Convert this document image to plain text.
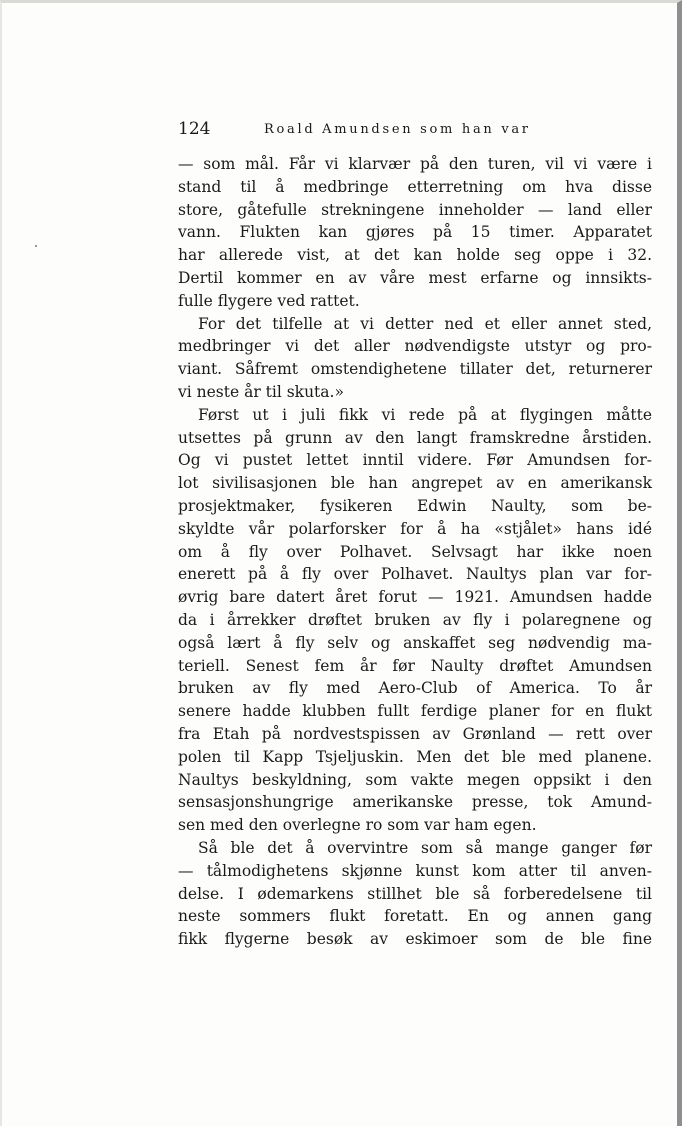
124	Roald Amundsen som han var
— som mål. Får vi klarvær på den turen, vil vi være i
stand til å medbringe etterretning om hva disse
store, gåtefulle strekningene inneholder — land eller
vann. Flukten kan gjøres på 15 timer. Apparatet
har allerede vist, at det kan holde seg oppe i 32.
Dertil kommer en av våre mest erfarne og innsikts-
fulle flygere ved rattet.
For det tilfelle at vi detter ned et eller annet sted,
medbringer vi det aller nødvendigste utstyr og pro-
viant. Såfremt omstendighetene tillater det, returnerer
vi neste år til skuta.»
Først ut i juli fikk vi rede på at flygingen måtte
utsettes på grunn av den langt framskredne årstiden.
Og vi pustet lettet inntil videre. Før Amundsen for-
lot sivilisasjonen ble han angrepet av en amerikansk
prosjektmaker, fysikeren Edwin Naulty, som be-
skyldte vår polarforsker for å ha «stjålet» hans idé
om å fly over Polhavet. Selvsagt har ikke noen
enerett på å fly over Polhavet. Naultys plan var for-
øvrig bare datert året forut — 1921. Amundsen hadde
da i årrekker drøftet bruken av fly i polaregnene og
også lært å fly selv og anskaffet seg nødvendig ma-
teriell. Senest fem år før Naulty drøftet Amundsen
bruken av fly med Aero-Club of America. To år
senere hadde klubben fullt ferdige planer for en flukt
fra Etah på nordvestspissen av Grønland — rett over
polen til Kapp Tsjeljuskin. Men det ble med planene.
Naultys beskyldning, som vakte megen oppsikt i den
sensasjonshungrige amerikanske presse, tok Amund-
sen med den overlegne ro som var ham egen.
Så ble det å overvintre som så mange ganger før
— tålmodighetens skjønne kunst kom atter til anven-
delse. I ødemarkens stillhet ble så forberedelsene til
neste sommers flukt foretatt. En og annen gang
fikk flygerne besøk av eskimoer som de ble fine
